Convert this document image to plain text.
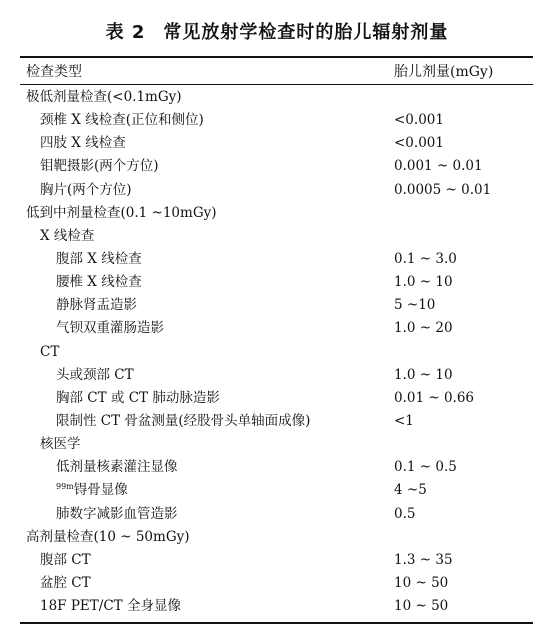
表 2 常见放射学检查时的胎儿辐射剂量
检查类型	胎儿剂量(mGy)
极低剂量检查(<0.1mGy)
颈椎 X 线检查(正位和侧位)	<0.001
四肢 X 线检查	<0.001
钼靶摄影(两个方位)	0.001 ~ 0.01
胸片(两个方位)	0.0005 ~ 0.01
低到中剂量检查(0.1 ~10mGy)
X 线检查
腹部 X 线检查	0.1 ~ 3.0
腰椎 X 线检查	1.0 ~ 10
静脉肾盂造影	5 ~10
气钡双重灌肠造影	1.0 ~ 20
CT
头或颈部 CT	1.0 ~ 10
胸部 CT 或 CT 肺动脉造影	0.01 ~ 0.66
限制性 CT 骨盆测量(经股骨头单轴面成像)	<1
核医学
低剂量核素灌注显像	0.1 ~ 0.5
$^{99m}$锝骨显像	4 ~5
肺数字减影血管造影	0.5
高剂量检查(10 ~ 50mGy)
腹部 CT	1.3 ~ 35
盆腔 CT	10 ~ 50
18F PET/CT 全身显像	10 ~ 50
